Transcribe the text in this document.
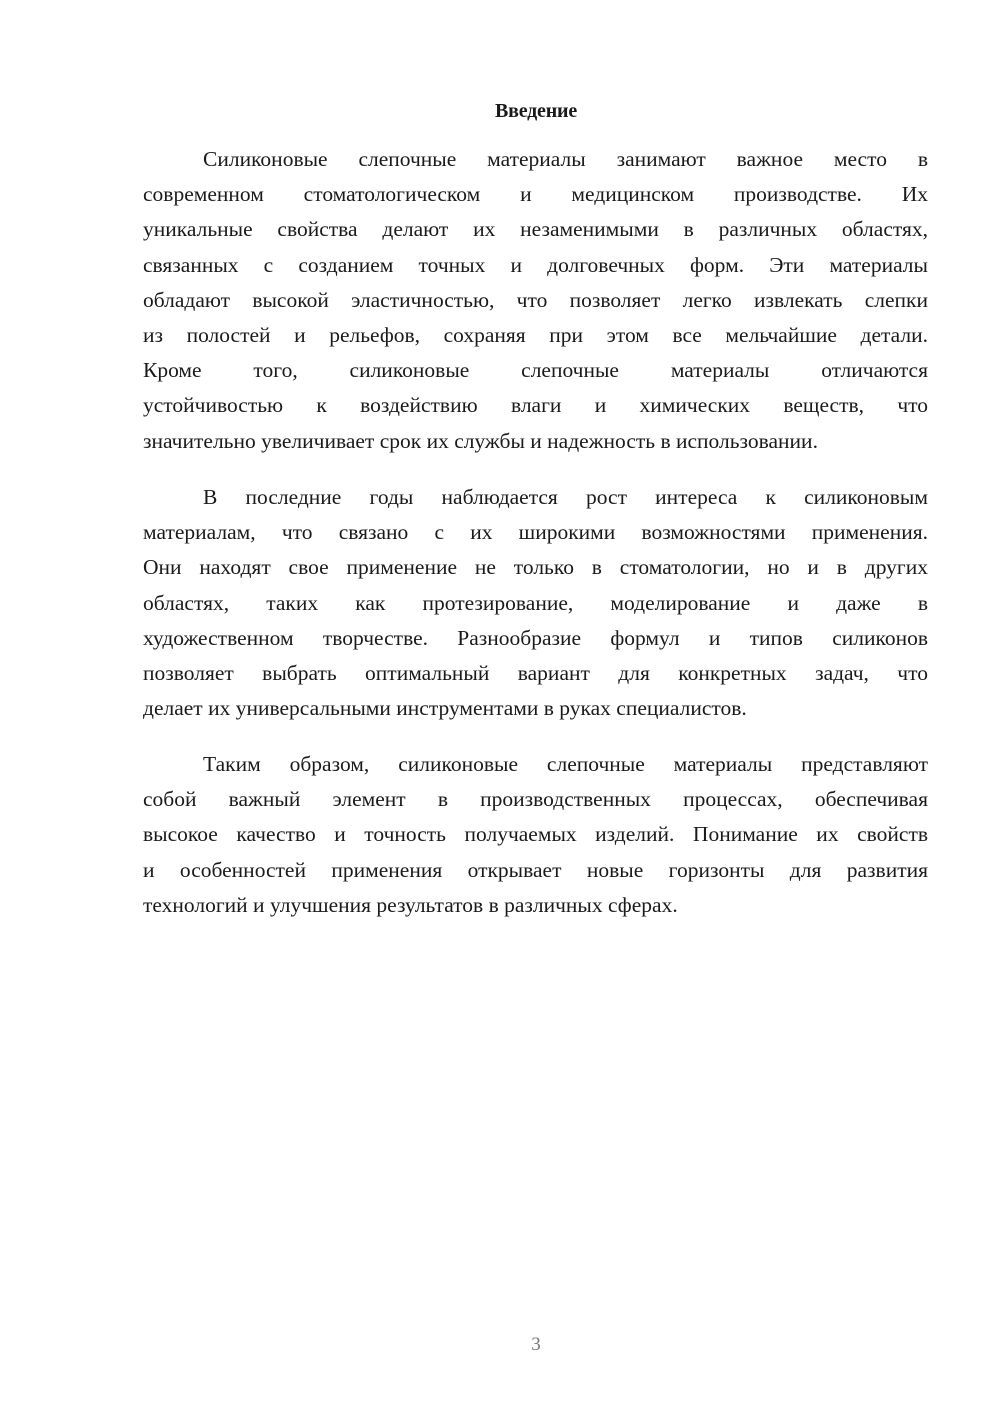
Введение
Силиконовые слепочные материалы занимают важное место в
современном стоматологическом и медицинском производстве. Их
уникальные свойства делают их незаменимыми в различных областях,
связанных с созданием точных и долговечных форм. Эти материалы
обладают высокой эластичностью, что позволяет легко извлекать слепки
из полостей и рельефов, сохраняя при этом все мельчайшие детали.
Кроме того, силиконовые слепочные материалы отличаются
устойчивостью к воздействию влаги и химических веществ, что
значительно увеличивает срок их службы и надежность в использовании.
В последние годы наблюдается рост интереса к силиконовым
материалам, что связано с их широкими возможностями применения.
Они находят свое применение не только в стоматологии, но и в других
областях, таких как протезирование, моделирование и даже в
художественном творчестве. Разнообразие формул и типов силиконов
позволяет выбрать оптимальный вариант для конкретных задач, что
делает их универсальными инструментами в руках специалистов.
Таким образом, силиконовые слепочные материалы представляют
собой важный элемент в производственных процессах, обеспечивая
высокое качество и точность получаемых изделий. Понимание их свойств
и особенностей применения открывает новые горизонты для развития
технологий и улучшения результатов в различных сферах.
3
